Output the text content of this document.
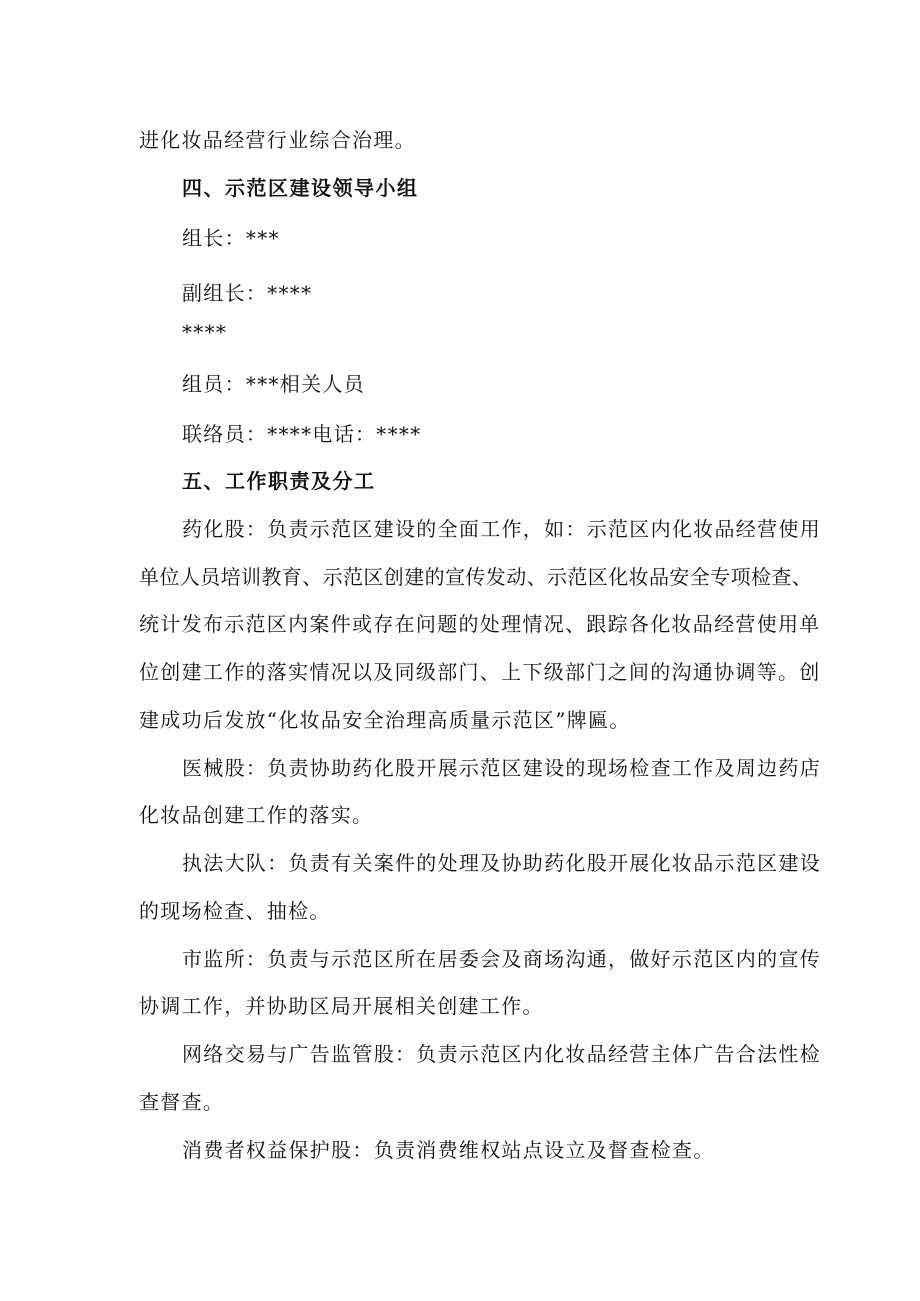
进化妆品经营行业综合治理。
四、示范区建设领导小组
组长：***
副组长：****
****
组员：***相关人员
联络员：****电话：****
五、工作职责及分工
药化股：负责示范区建设的全面工作，如：示范区内化妆品经营使用
单位人员培训教育、示范区创建的宣传发动、示范区化妆品安全专项检查、
统计发布示范区内案件或存在问题的处理情况、跟踪各化妆品经营使用单
位创建工作的落实情况以及同级部门、上下级部门之间的沟通协调等。创
建成功后发放“化妆品安全治理高质量示范区”牌匾。
医械股：负责协助药化股开展示范区建设的现场检查工作及周边药店
化妆品创建工作的落实。
执法大队：负责有关案件的处理及协助药化股开展化妆品示范区建设
的现场检查、抽检。
市监所：负责与示范区所在居委会及商场沟通，做好示范区内的宣传
协调工作，并协助区局开展相关创建工作。
网络交易与广告监管股：负责示范区内化妆品经营主体广告合法性检
查督查。
消费者权益保护股：负责消费维权站点设立及督查检查。
